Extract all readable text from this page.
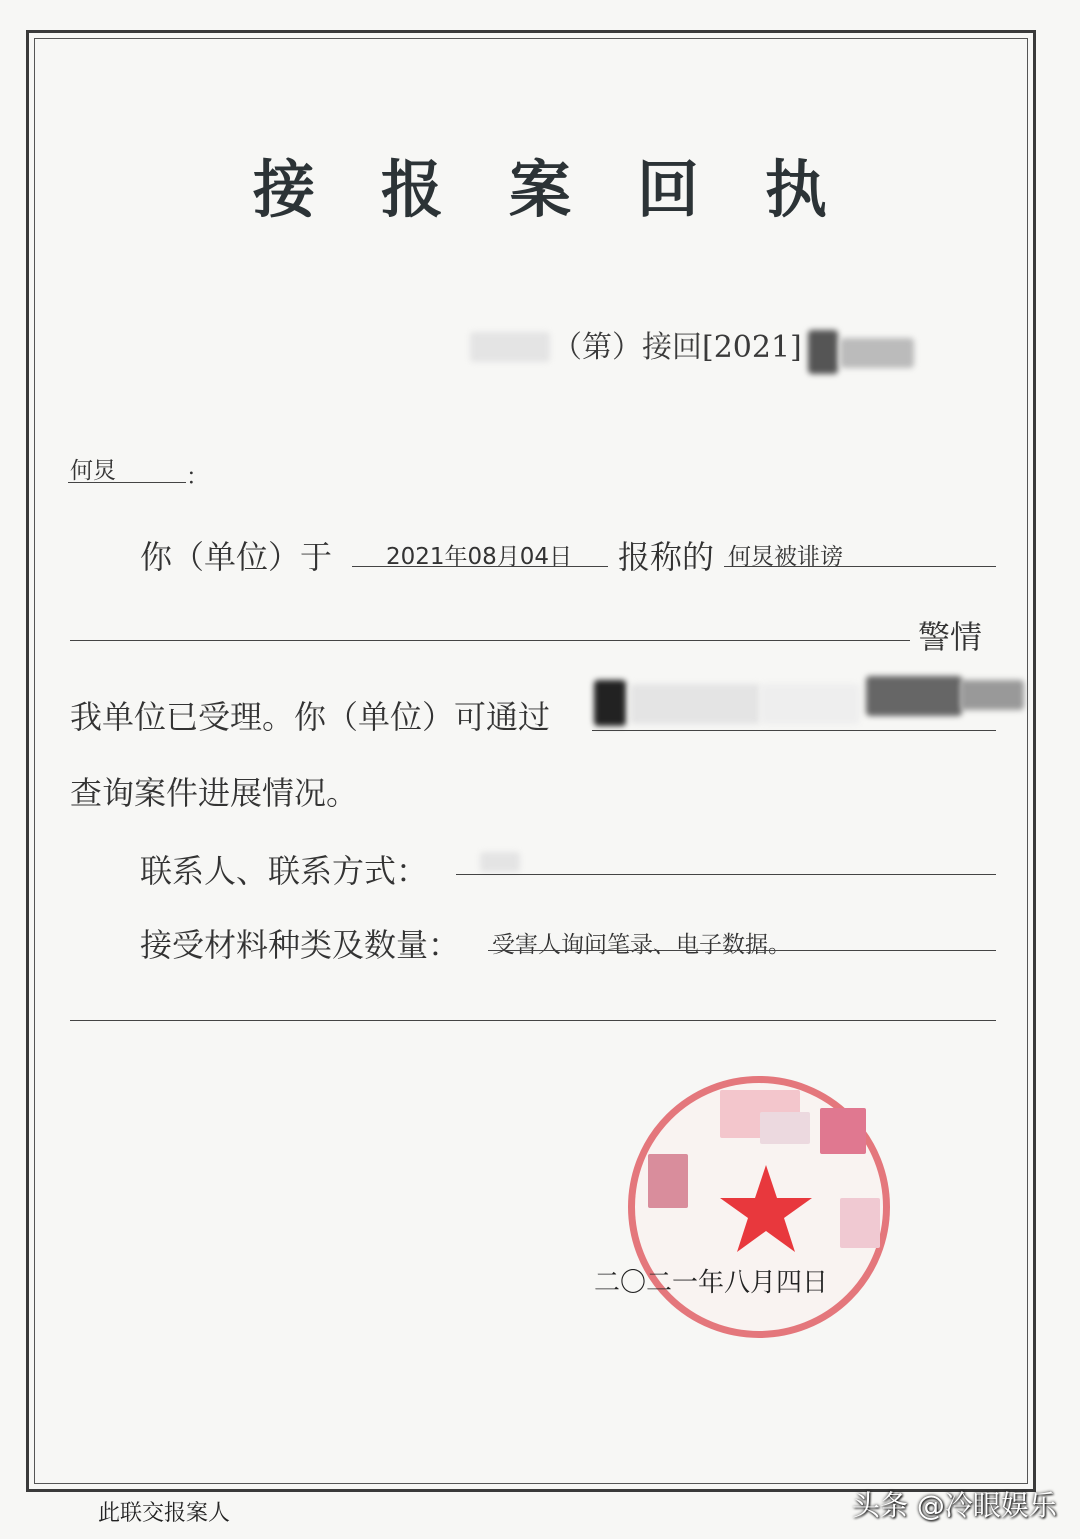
接报案回执
（第）接回[2021]
何炅	：
你（单位）于 2021年08月04日 报称的 何炅被诽谤
警情
我单位已受理。你（单位）可通过
查询案件进展情况。
联系人、联系方式：
接受材料种类及数量： 受害人询问笔录、电子数据。
二〇二一年八月四日
此联交报案人	头条 @冷眼娱乐
